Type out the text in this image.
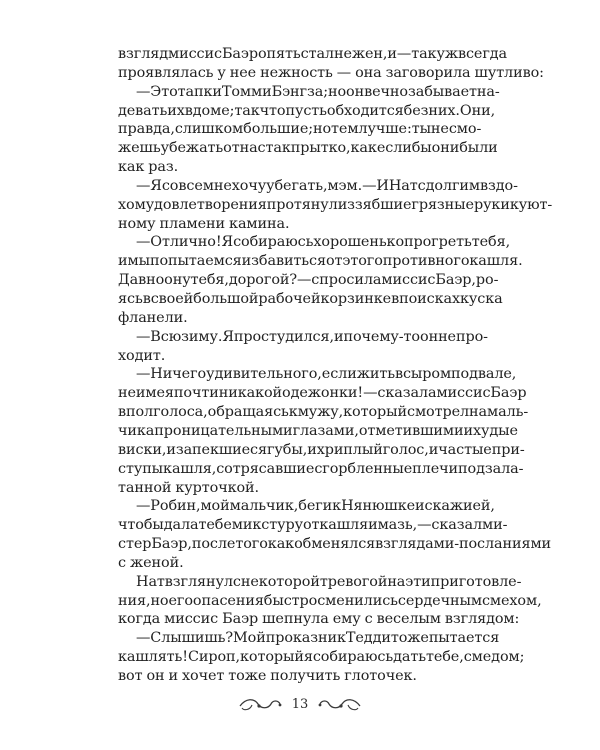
взгляд миссис Баэр опять стал нежен, и — так уж всегда
проявлялась у нее нежность — она заговорила шутливо:
— Это тапки Томми Бэнгза; но он вечно забывает на-
девать их в доме; так что пусть обходится без них. Они,
правда, слишком большие; но тем лучше: ты не смо-
жешь убежать от нас так прытко, как если бы они были
как раз.
— Я совсем не хочу убегать, мэм. — И Нат с долгим вздо-
хом удовлетворения протянул иззябшие грязные руки к уют-
ному пламени камина.
— Отлично! Я собираюсь хорошенько прогреть тебя,
и мы попытаемся избавиться от этого противного кашля.
Давно он у тебя, дорогой? — спросила миссис Баэр, ро-
ясь в своей большой рабочей корзинке в поисках куска
фланели.
— Всю зиму. Я простудился, и почему-то он не про-
ходит.
— Ничего удивительного, если жить в сыром подвале,
не имея почти никакой одежонки! — сказала миссис Баэр
вполголоса, обращаясь к мужу, который смотрел на маль-
чика проницательными глазами, отметившими и худые
виски, и запекшиеся губы, и хриплый голос, и частые при-
ступы кашля, сотрясавшие сгорбленные плечи под зала-
танной курточкой.
— Робин, мой мальчик, беги к Нянюшке и скажи ей,
чтобы дала тебе микстуру от кашля и мазь, — сказал ми-
стер Баэр, после того как обменялся взглядами-посланиями
с женой.
Нат взглянул с некоторой тревогой на эти приготовле-
ния, но его опасения быстро сменились сердечным смехом,
когда миссис Баэр шепнула ему с веселым взглядом:
— Слышишь? Мой проказник Тедди тоже пытается
кашлять! Сироп, который я собираюсь дать тебе, с медом;
вот он и хочет тоже получить глоточек.
13
